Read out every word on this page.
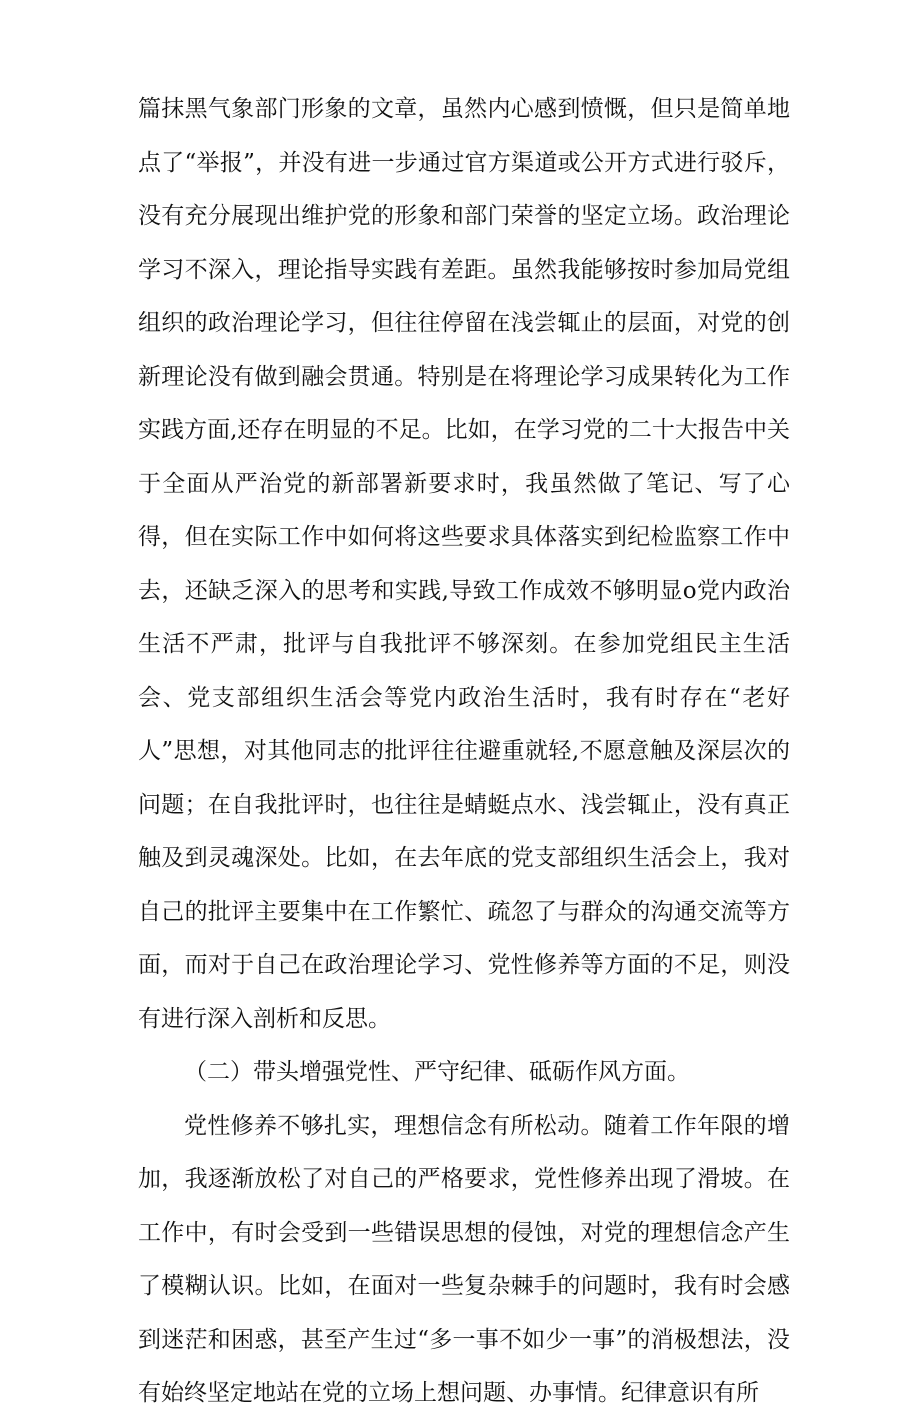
篇抹黑气象部门形象的文章，虽然内心感到愤慨，但只是简单地点了“举报”，并没有进一步通过官方渠道或公开方式进行驳斥，没有充分展现出维护党的形象和部门荣誉的坚定立场。政治理论学习不深入，理论指导实践有差距。虽然我能够按时参加局党组组织的政治理论学习，但往往停留在浅尝辄止的层面，对党的创新理论没有做到融会贯通。特别是在将理论学习成果转化为工作实践方面,还存在明显的不足。比如，在学习党的二十大报告中关于全面从严治党的新部署新要求时，我虽然做了笔记、写了心得，但在实际工作中如何将这些要求具体落实到纪检监察工作中去，还缺乏深入的思考和实践,导致工作成效不够明显o党内政治生活不严肃，批评与自我批评不够深刻。在参加党组民主生活会、党支部组织生活会等党内政治生活时，我有时存在“老好人”思想，对其他同志的批评往往避重就轻,不愿意触及深层次的问题；在自我批评时，也往往是蜻蜓点水、浅尝辄止，没有真正触及到灵魂深处。比如，在去年底的党支部组织生活会上，我对自己的批评主要集中在工作繁忙、疏忽了与群众的沟通交流等方面，而对于自己在政治理论学习、党性修养等方面的不足，则没有进行深入剖析和反思。

（二）带头增强党性、严守纪律、砥砺作风方面。

党性修养不够扎实，理想信念有所松动。随着工作年限的增加，我逐渐放松了对自己的严格要求，党性修养出现了滑坡。在工作中，有时会受到一些错误思想的侵蚀，对党的理想信念产生了模糊认识。比如，在面对一些复杂棘手的问题时，我有时会感到迷茫和困惑，甚至产生过“多一事不如少一事”的消极想法，没有始终坚定地站在党的立场上想问题、办事情。纪律意识有所
